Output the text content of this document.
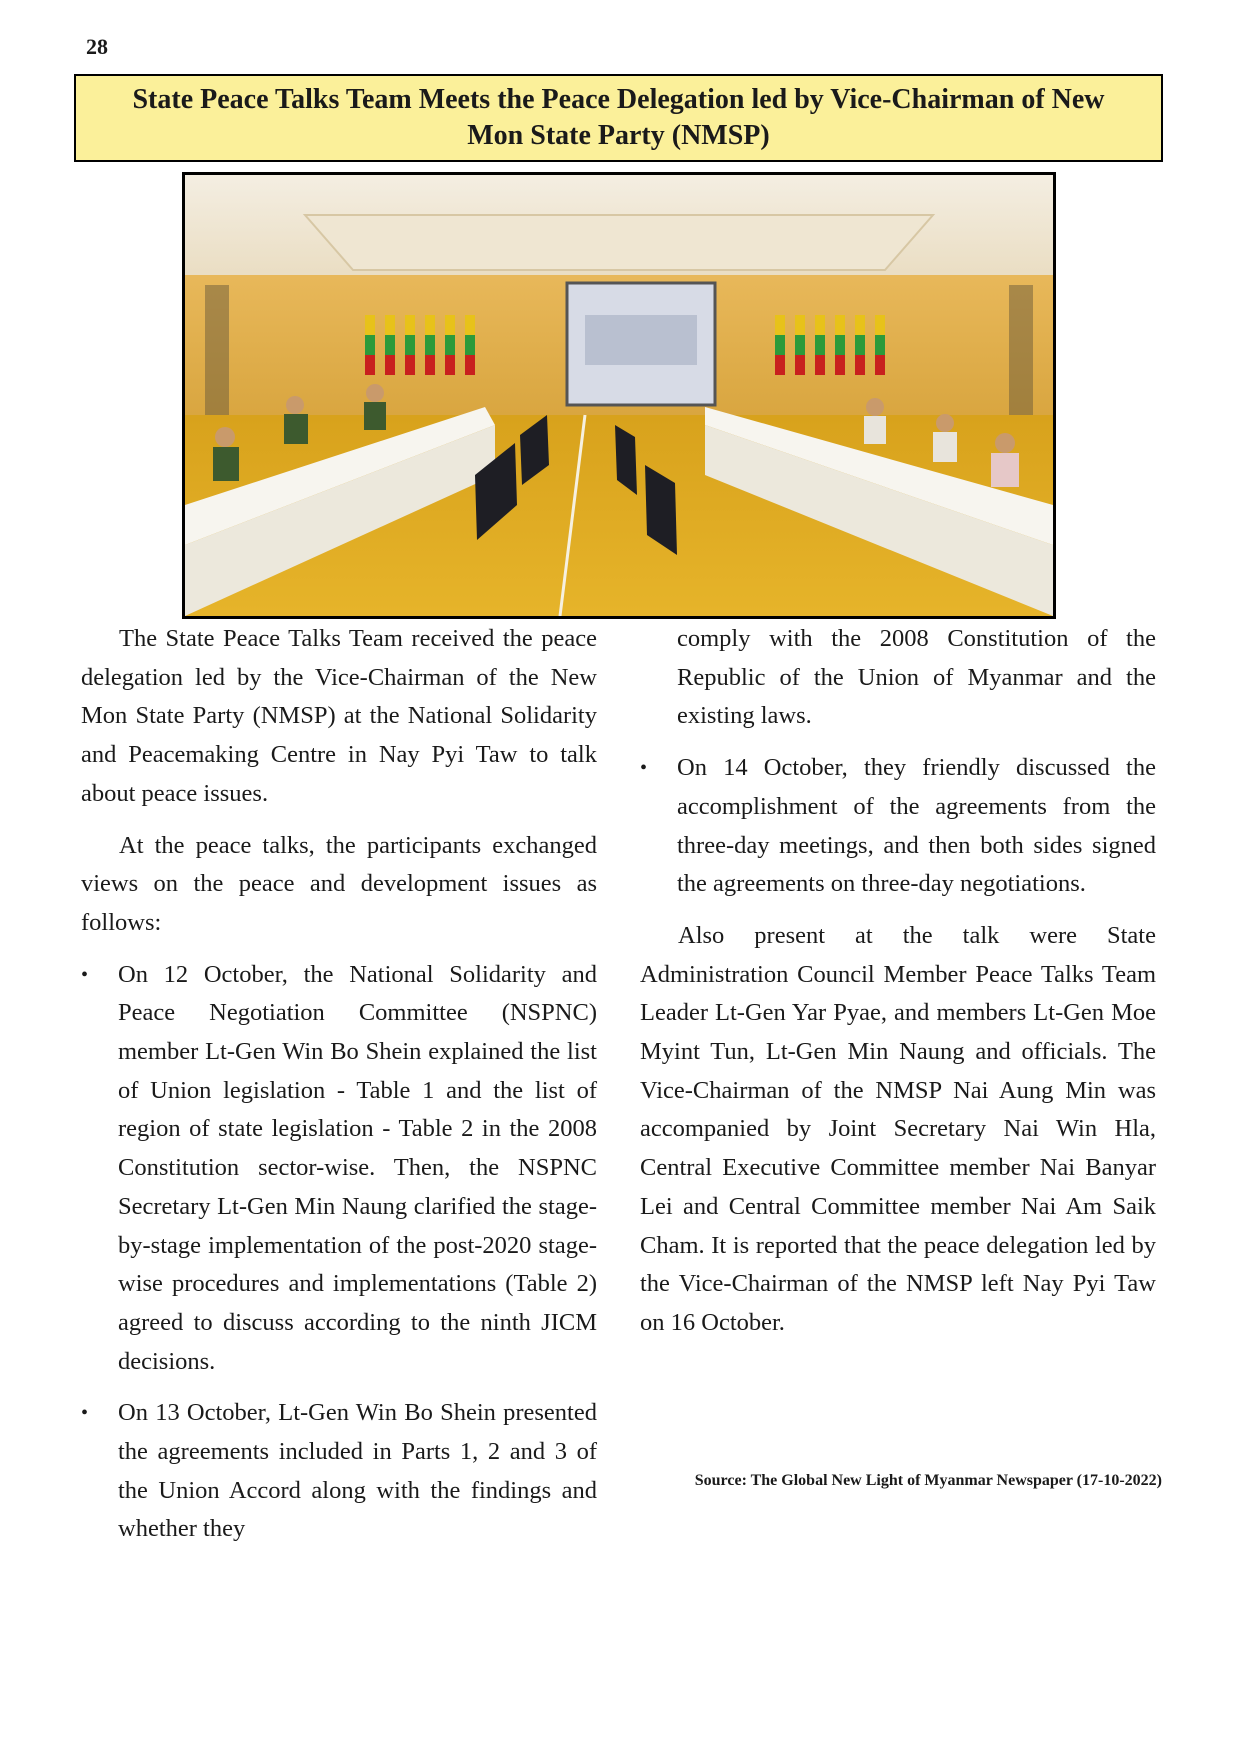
28
State Peace Talks Team Meets the Peace Delegation led by Vice-Chairman of New Mon State Party (NMSP)

The State Peace Talks Team received the peace delegation led by the Vice-Chairman of the New Mon State Party (NMSP) at the National Solidarity and Peacemaking Centre in Nay Pyi Taw to talk about peace issues.

At the peace talks, the participants exchanged views on the peace and development issues as follows:

• On 12 October, the National Solidarity and Peace Negotiation Committee (NSPNC) member Lt-Gen Win Bo Shein explained the list of Union legislation - Table 1 and the list of region of state legislation - Table 2 in the 2008 Constitution sector-wise. Then, the NSPNC Secretary Lt-Gen Min Naung clarified the stage-by-stage implementation of the post-2020 stage-wise procedures and implementations (Table 2) agreed to discuss according to the ninth JICM decisions.
• On 13 October, Lt-Gen Win Bo Shein presented the agreements included in Parts 1, 2 and 3 of the Union Accord along with the findings and whether they

comply with the 2008 Constitution of the Republic of the Union of Myanmar and the existing laws.

• On 14 October, they friendly discussed the accomplishment of the agreements from the three-day meetings, and then both sides signed the agreements on three-day negotiations.

Also present at the talk were State Administration Council Member Peace Talks Team Leader Lt-Gen Yar Pyae, and members Lt-Gen Moe Myint Tun, Lt-Gen Min Naung and officials. The Vice-Chairman of the NMSP Nai Aung Min was accompanied by Joint Secretary Nai Win Hla, Central Executive Committee member Nai Banyar Lei and Central Committee member Nai Am Saik Cham. It is reported that the peace delegation led by the Vice-Chairman of the NMSP left Nay Pyi Taw on 16 October.

Source: The Global New Light of Myanmar Newspaper (17-10-2022)
